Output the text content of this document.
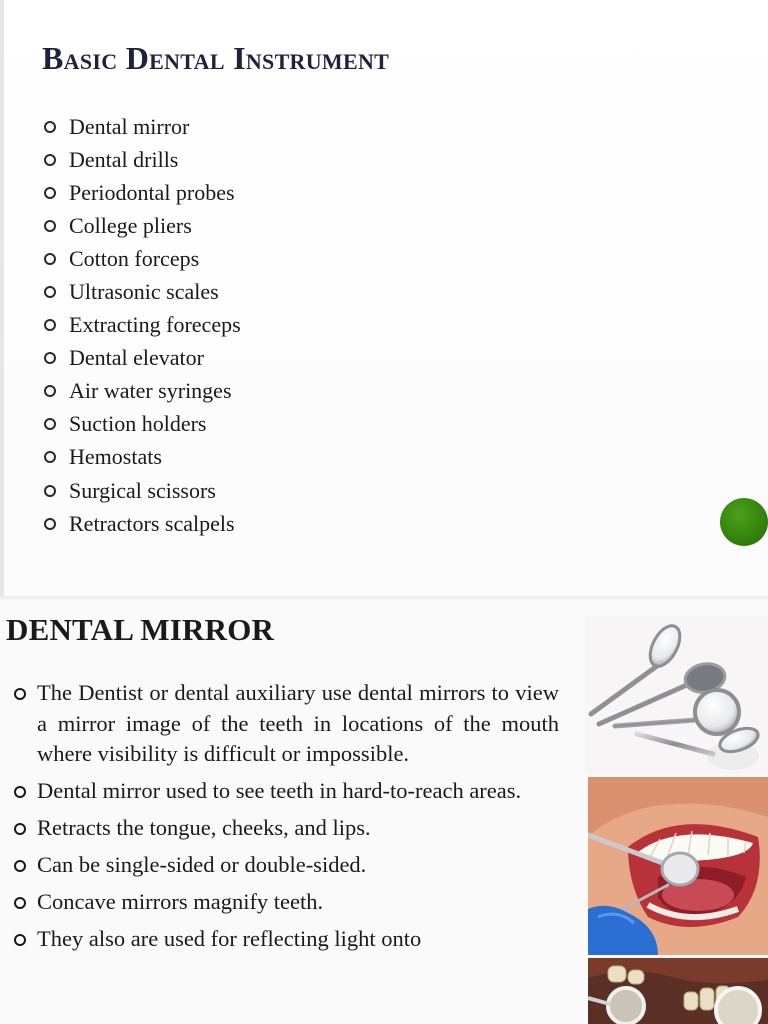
Basic Dental Instrument
Dental mirror
Dental drills
Periodontal probes
College pliers
Cotton forceps
Ultrasonic scales
Extracting foreceps
Dental elevator
Air water syringes
Suction holders
Hemostats
Surgical scissors
Retractors scalpels
DENTAL MIRROR
The Dentist or dental auxiliary use dental mirrors to view a mirror image of the teeth in locations of the mouth where visibility is difficult or impossible.
Dental mirror used to see teeth in hard-to-reach areas.
Retracts the tongue, cheeks, and lips.
Can be single-sided or double-sided.
Concave mirrors magnify teeth.
They also are used for reflecting light onto
